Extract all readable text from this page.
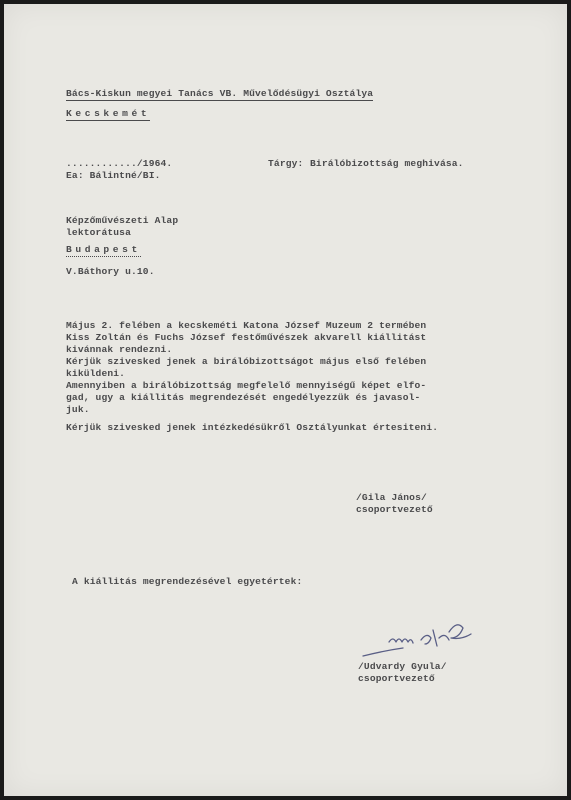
Bács-Kiskun megyei Tanács VB. Művelődésügyi Osztálya
Kecskemét
............/1964.
Ea: Bálintné/BI.
Tárgy: Birálóbizottság meghivása.
Képzőművészeti Alap
lektorátusa
Budapest
V.Báthory u.10.
Május 2. felében a kecskeméti Katona József Muzeum 2 termében
Kiss Zoltán és Fuchs József festőművészek akvarell kiállitást
kivánnak rendezni.
Kérjük szivesked jenek a birálóbizottságot május első felében
kiküldeni.
Amennyiben a birálóbizottság megfelelő mennyiségű képet elfo-
gad, ugy a kiállitás megrendezését engedélyezzük és javasol-
juk.
Kérjük szivesked jenek intézkedésükről Osztályunkat értesiteni.
/Gila János/
csoportvezető
A kiállitás megrendezésével egyetértek:
/Udvardy Gyula/
csoportvezető
